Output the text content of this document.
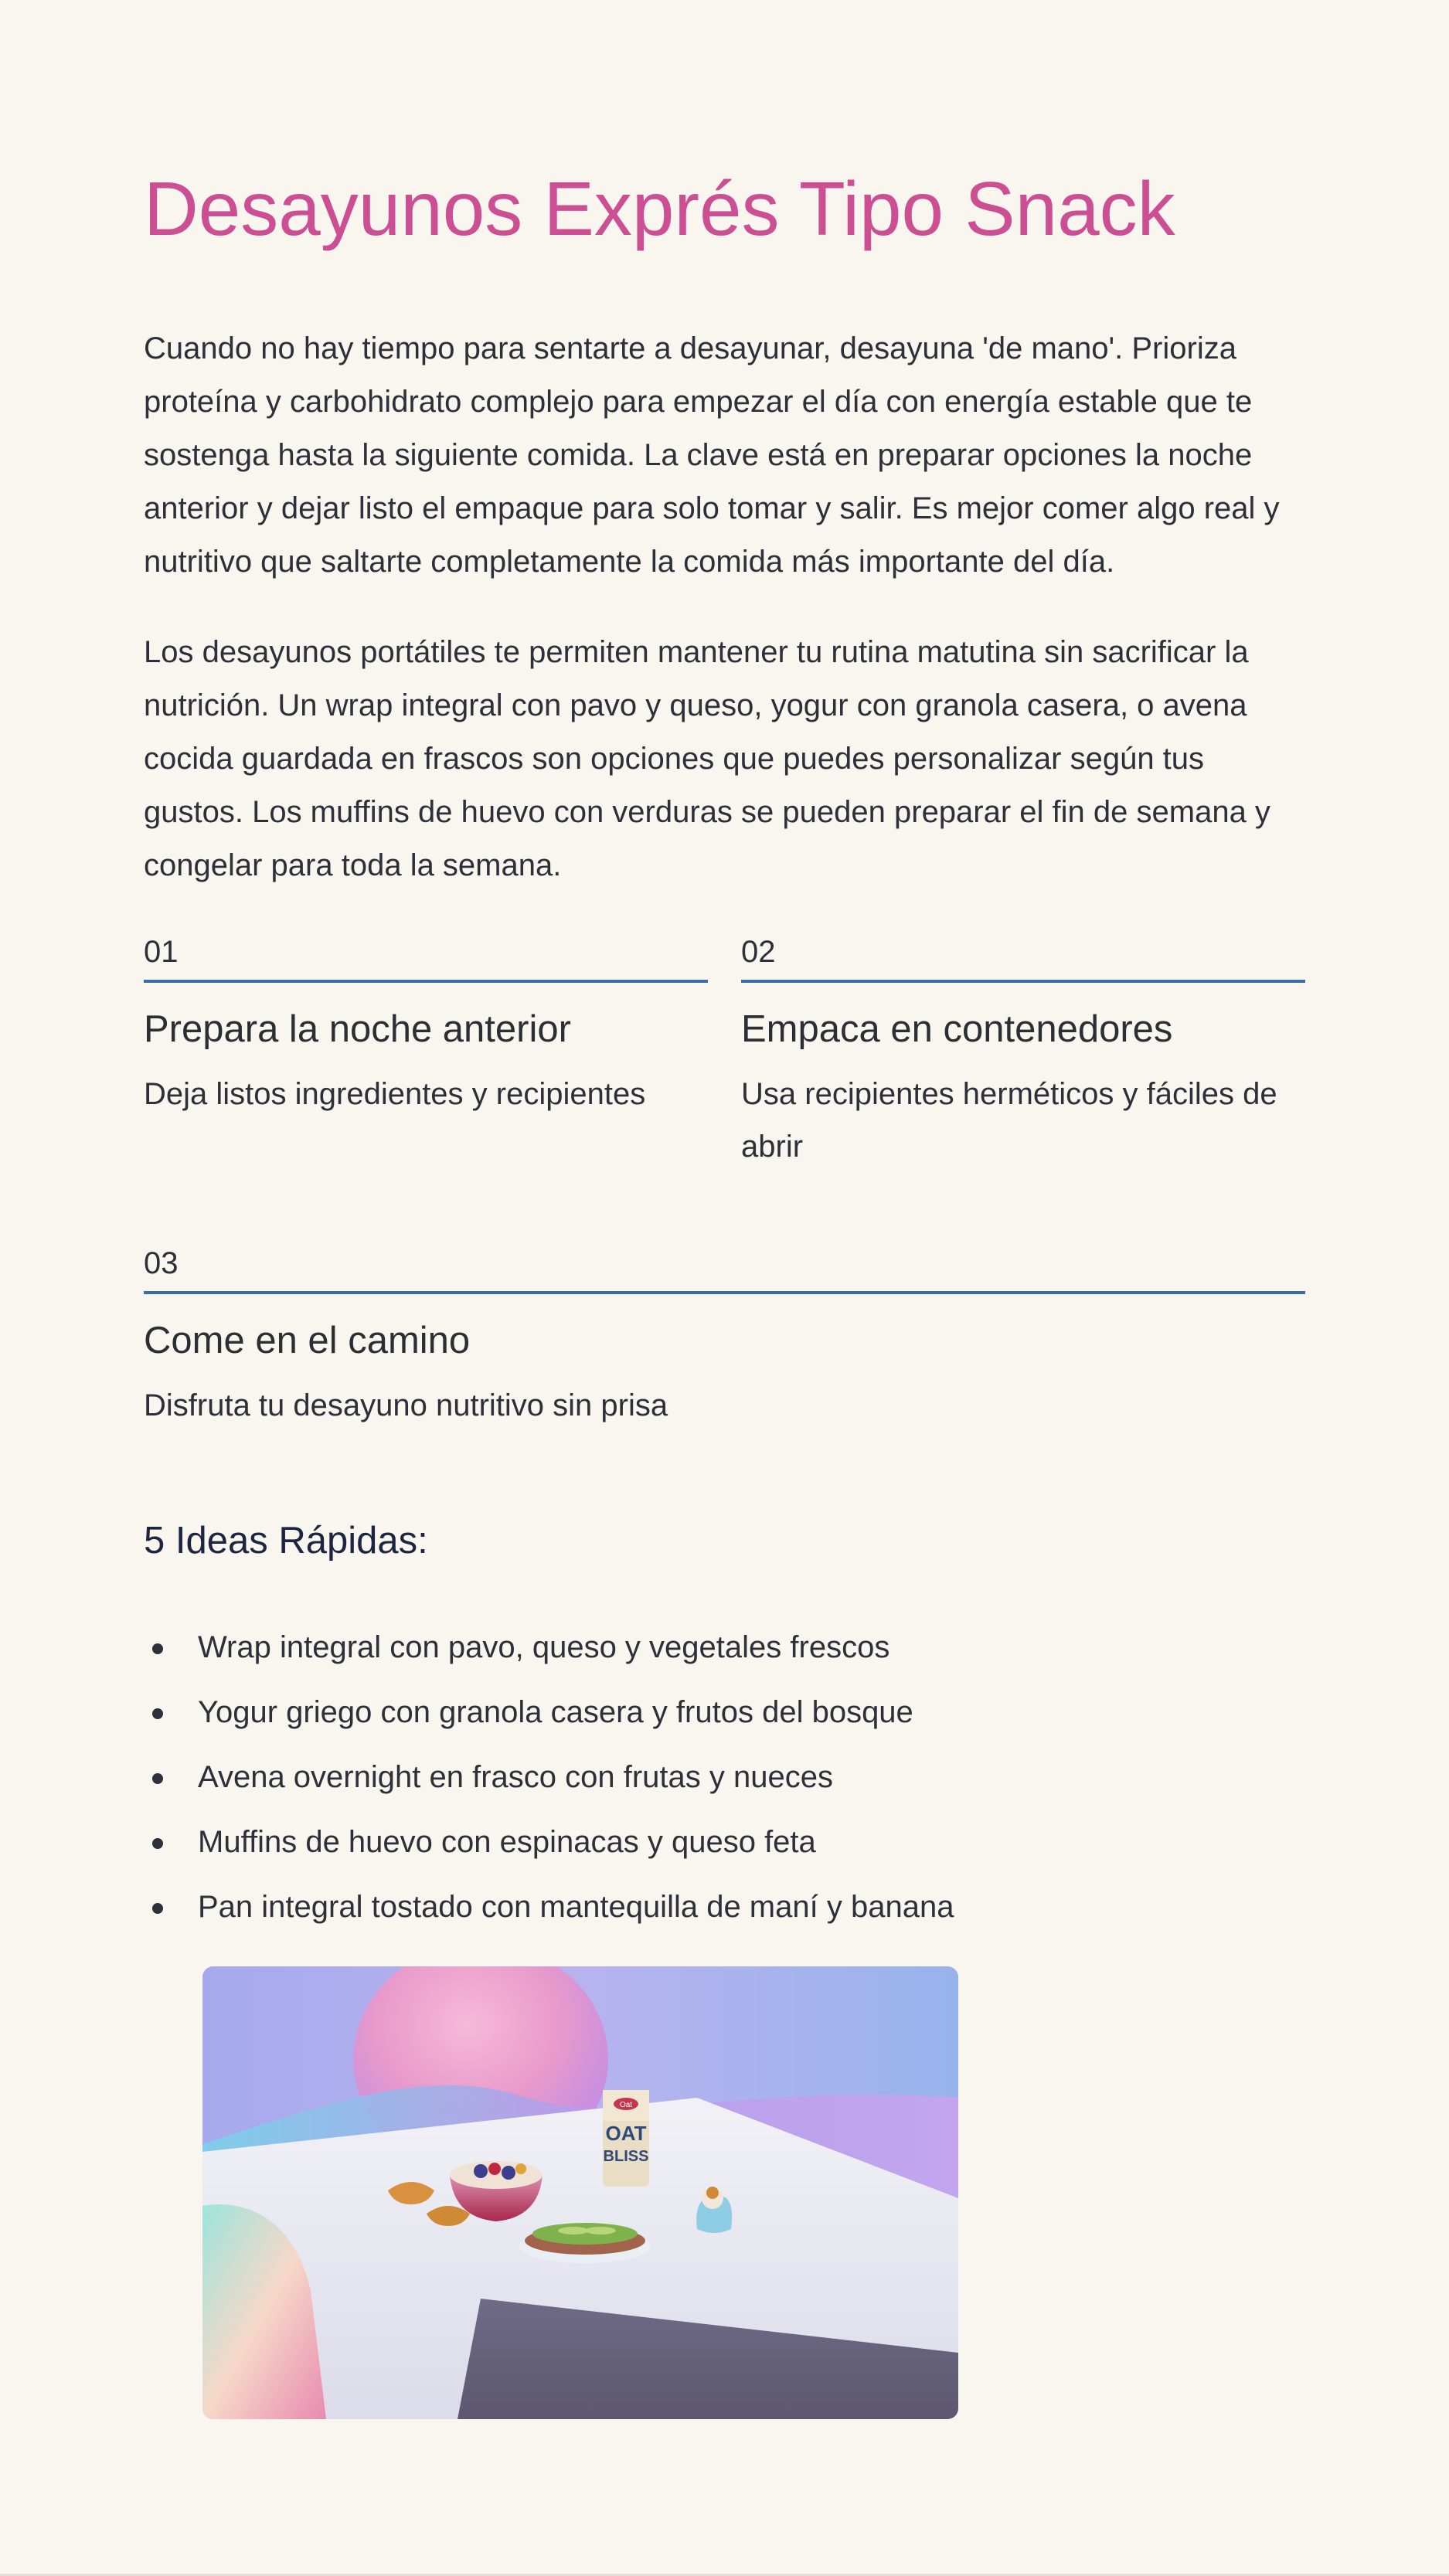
Desayunos Exprés Tipo Snack

Cuando no hay tiempo para sentarte a desayunar, desayuna 'de mano'. Prioriza proteína y carbohidrato complejo para empezar el día con energía estable que te sostenga hasta la siguiente comida. La clave está en preparar opciones la noche anterior y dejar listo el empaque para solo tomar y salir. Es mejor comer algo real y nutritivo que saltarte completamente la comida más importante del día.

Los desayunos portátiles te permiten mantener tu rutina matutina sin sacrificar la nutrición. Un wrap integral con pavo y queso, yogur con granola casera, o avena cocida guardada en frascos son opciones que puedes personalizar según tus gustos. Los muffins de huevo con verduras se pueden preparar el fin de semana y congelar para toda la semana.

01
Prepara la noche anterior
Deja listos ingredientes y recipientes
02
Empaca en contenedores
Usa recipientes herméticos y fáciles de abrir
03
Come en el camino
Disfruta tu desayuno nutritivo sin prisa
5 Ideas Rápidas:
Wrap integral con pavo, queso y vegetales frescos
Yogur griego con granola casera y frutos del bosque
Avena overnight en frasco con frutas y nueces
Muffins de huevo con espinacas y queso feta
Pan integral tostado con mantequilla de maní y banana
Oat
OAT
BLISS
